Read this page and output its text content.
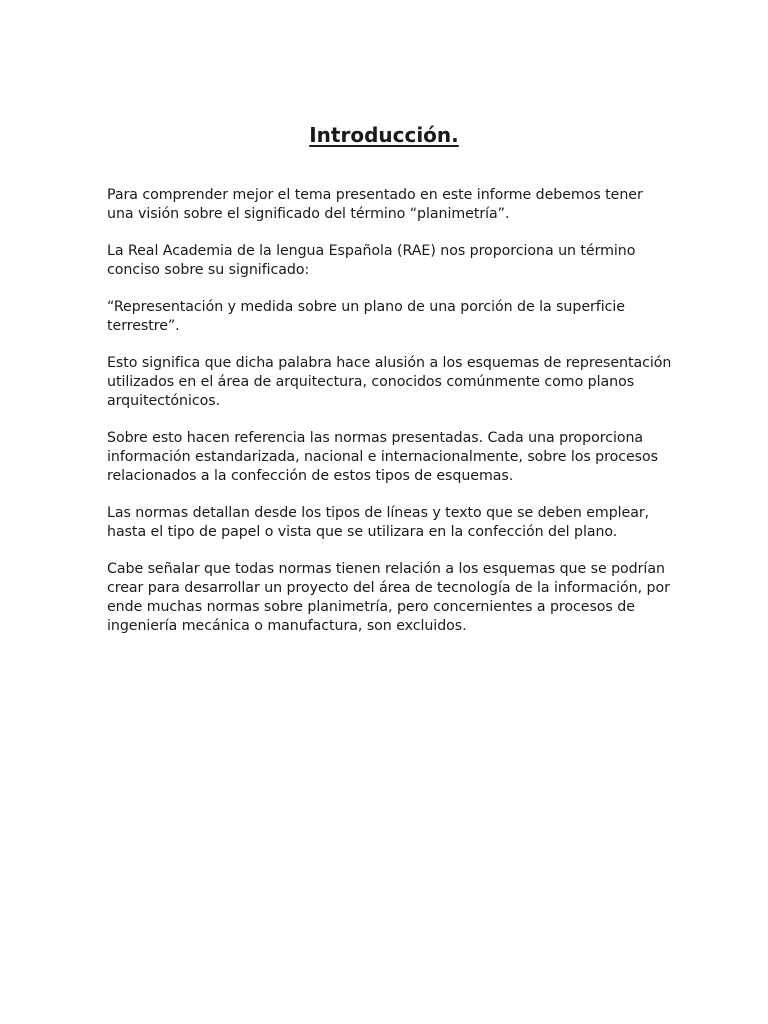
Introducción.

Para comprender mejor el tema presentado en este informe debemos tener
una visión sobre el significado del término “planimetría”.

La Real Academia de la lengua Española (RAE) nos proporciona un término
conciso sobre su significado:

“Representación y medida sobre un plano de una porción de la superficie
terrestre”.

Esto significa que dicha palabra hace alusión a los esquemas de representación
utilizados en el área de arquitectura, conocidos comúnmente como planos
arquitectónicos.

Sobre esto hacen referencia las normas presentadas. Cada una proporciona
información estandarizada, nacional e internacionalmente, sobre los procesos
relacionados a la confección de estos tipos de esquemas.

Las normas detallan desde los tipos de líneas y texto que se deben emplear,
hasta el tipo de papel o vista que se utilizara en la confección del plano.

Cabe señalar que todas normas tienen relación a los esquemas que se podrían
crear para desarrollar un proyecto del área de tecnología de la información, por
ende muchas normas sobre planimetría, pero concernientes a procesos de
ingeniería mecánica o manufactura, son excluidos.
